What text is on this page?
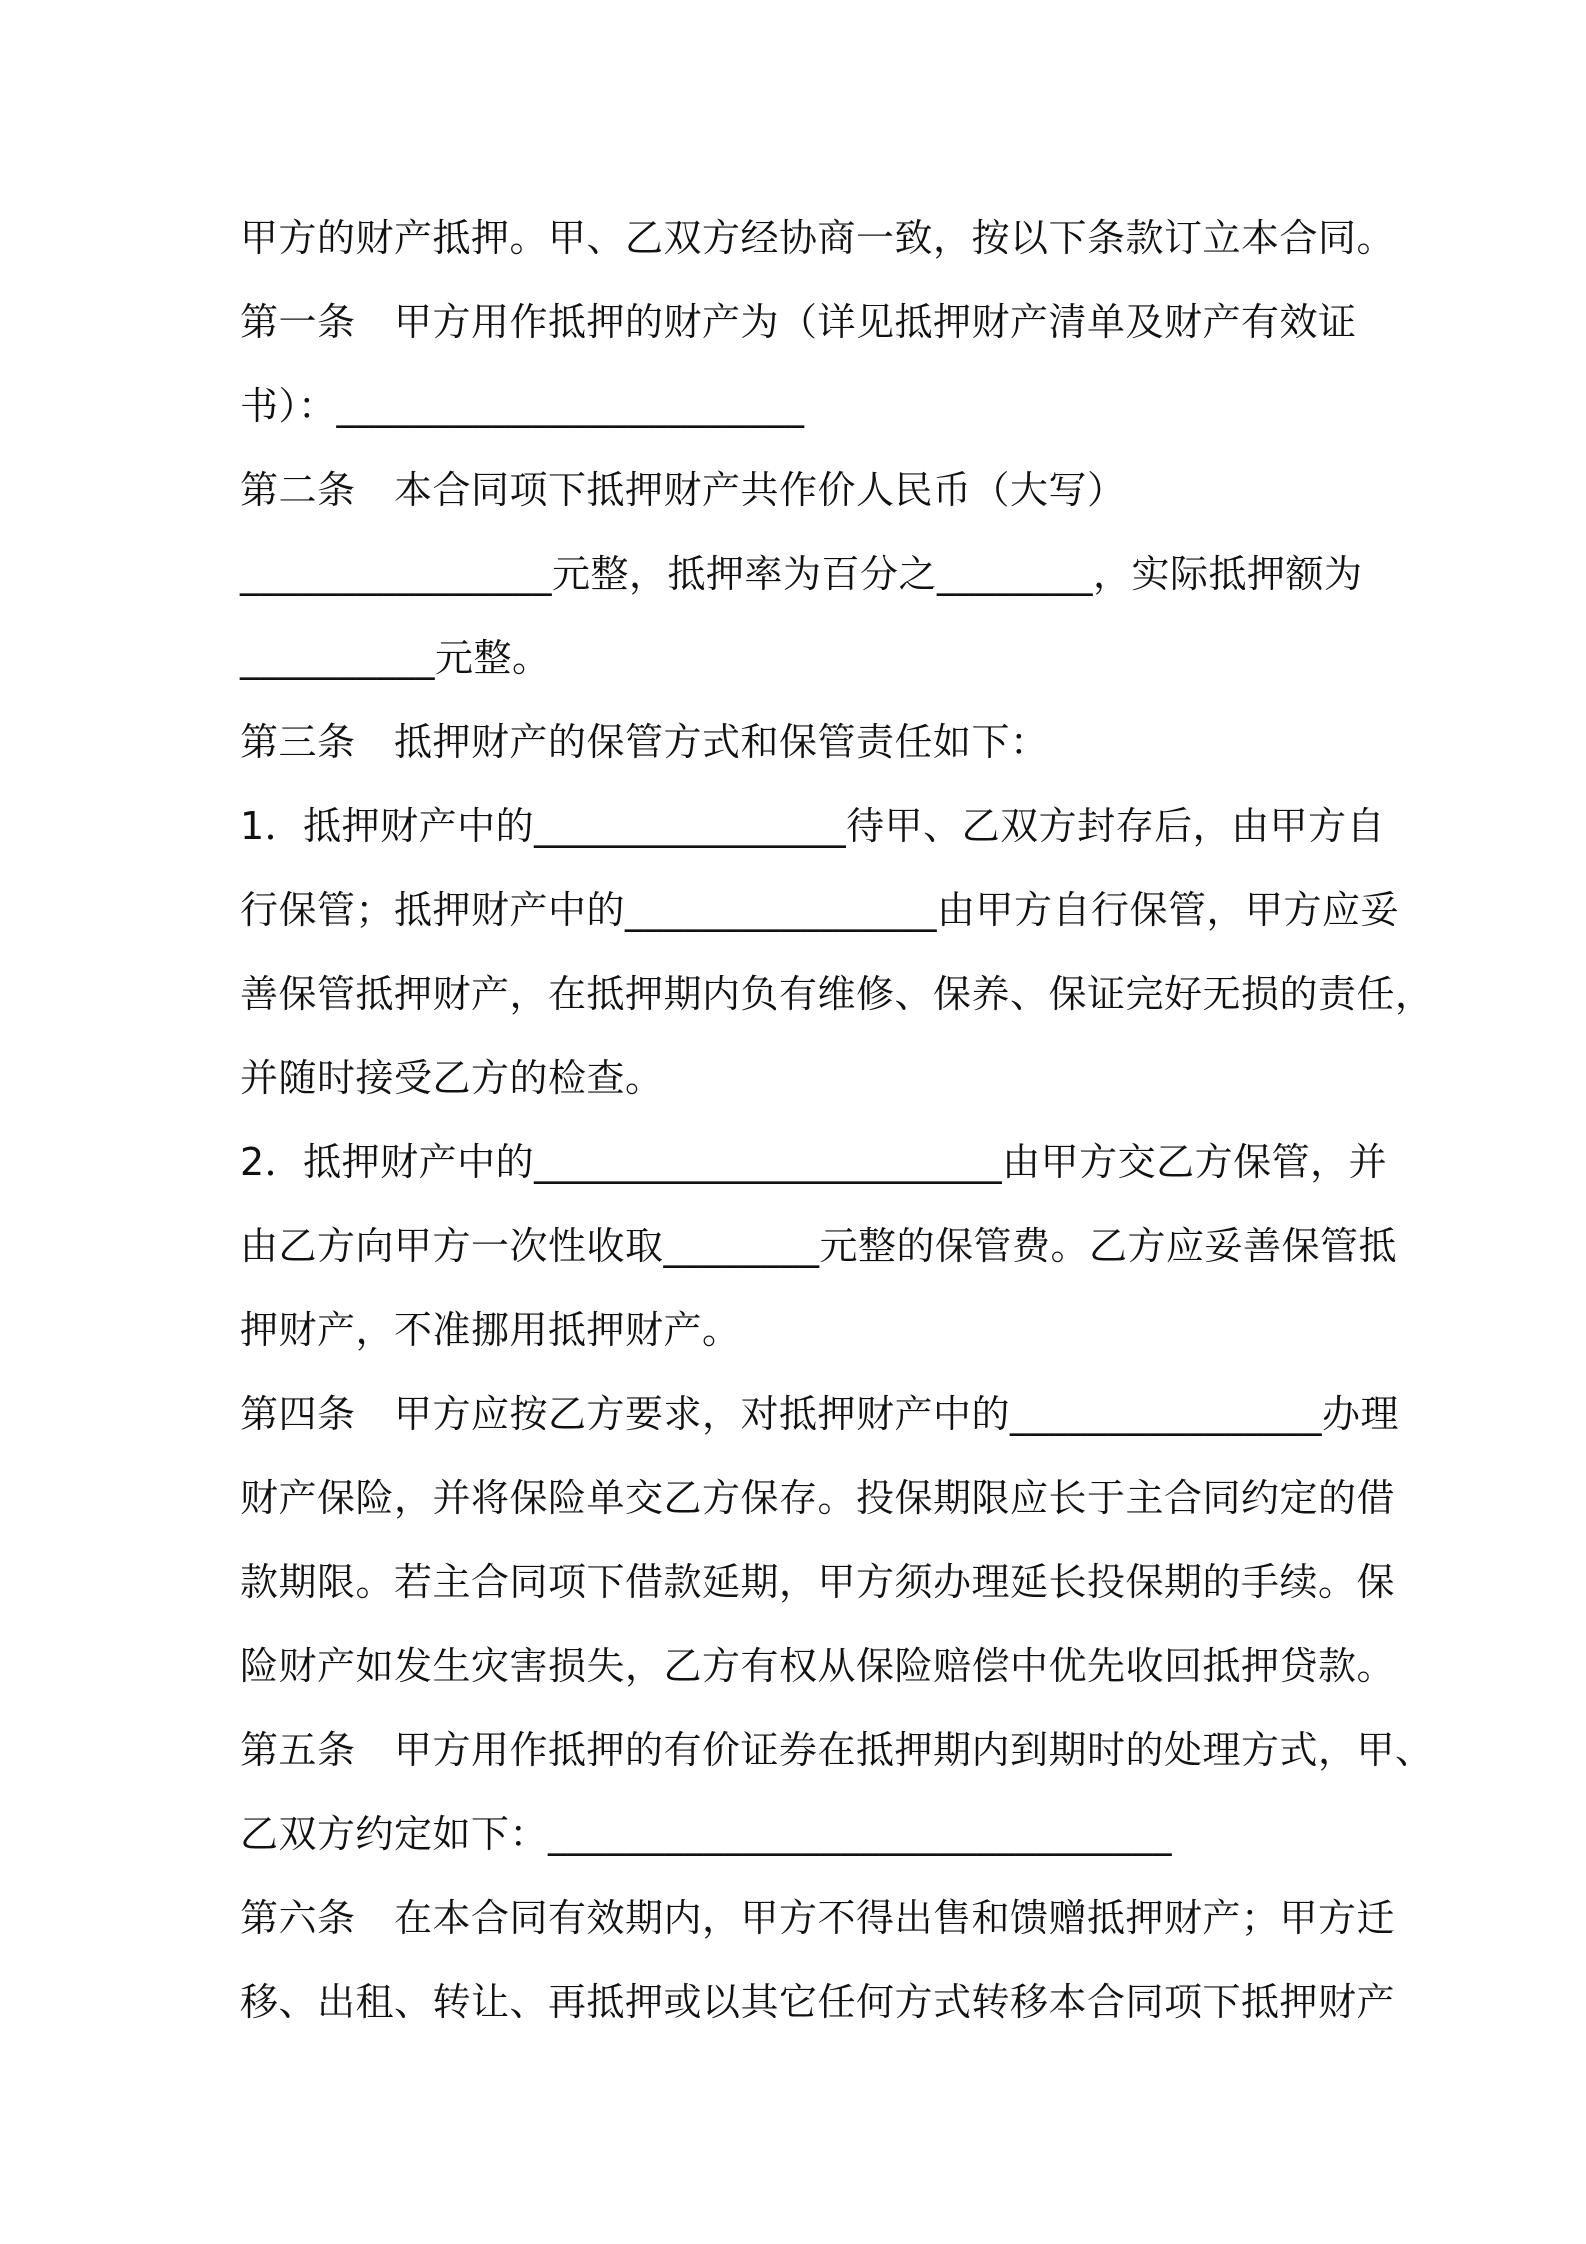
甲方的财产抵押。甲、乙双方经协商一致，按以下条款订立本合同。
第一条　甲方用作抵押的财产为（详见抵押财产清单及财产有效证
书）：________________________
第二条　本合同项下抵押财产共作价人民币（大写）
________________元整，抵押率为百分之________，实际抵押额为
__________元整。
第三条　抵押财产的保管方式和保管责任如下：
1．抵押财产中的________________待甲、乙双方封存后，由甲方自
行保管；抵押财产中的________________由甲方自行保管，甲方应妥
善保管抵押财产，在抵押期内负有维修、保养、保证完好无损的责任，
并随时接受乙方的检查。
2．抵押财产中的________________________由甲方交乙方保管，并
由乙方向甲方一次性收取________元整的保管费。乙方应妥善保管抵
押财产，不准挪用抵押财产。
第四条　甲方应按乙方要求，对抵押财产中的________________办理
财产保险，并将保险单交乙方保存。投保期限应长于主合同约定的借
款期限。若主合同项下借款延期，甲方须办理延长投保期的手续。保
险财产如发生灾害损失，乙方有权从保险赔偿中优先收回抵押贷款。
第五条　甲方用作抵押的有价证券在抵押期内到期时的处理方式，甲、
乙双方约定如下：________________________________
第六条　在本合同有效期内，甲方不得出售和馈赠抵押财产；甲方迁
移、出租、转让、再抵押或以其它任何方式转移本合同项下抵押财产
